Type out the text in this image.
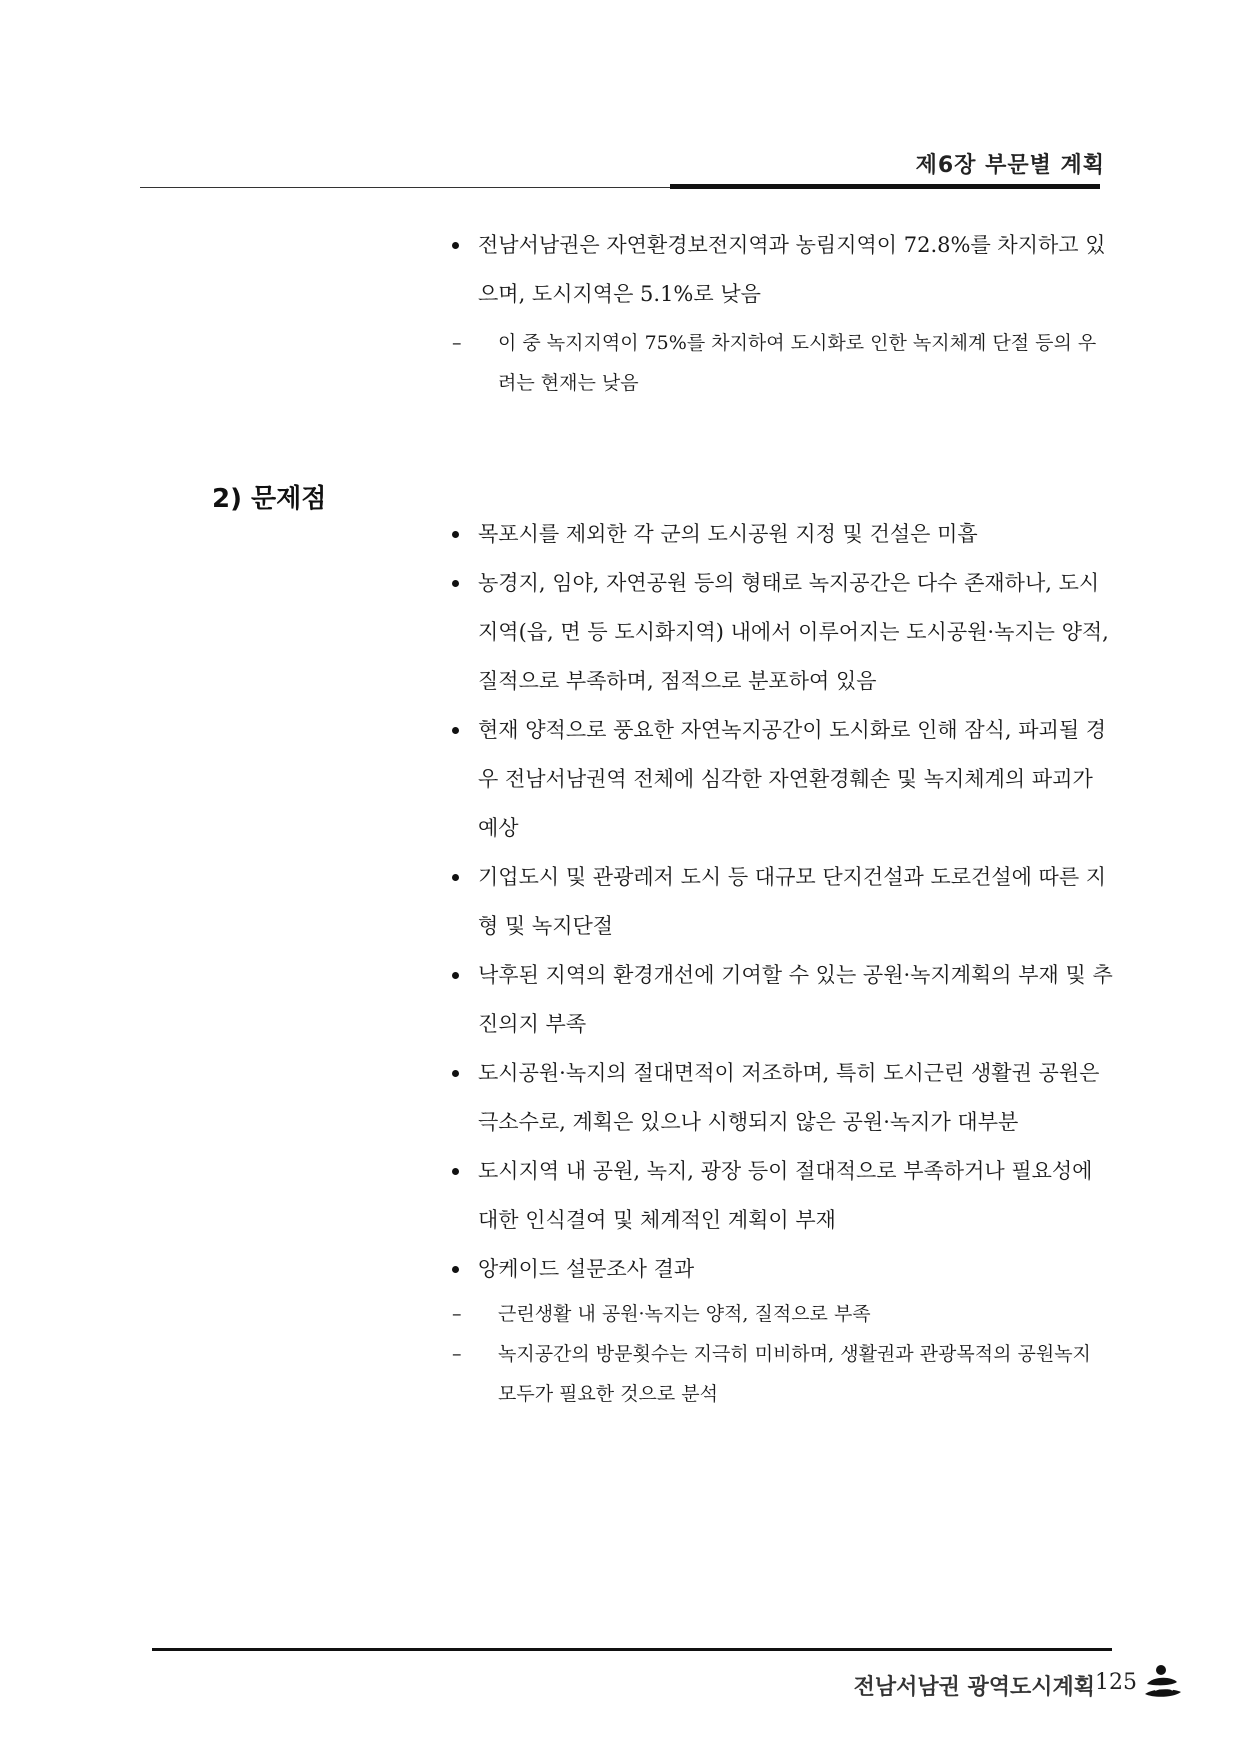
제6장 부문별 계획
전남서남권은 자연환경보전지역과 농림지역이 72.8%를 차지하고 있으며, 도시지역은 5.1%로 낮음
– 이 중 녹지지역이 75%를 차지하여 도시화로 인한 녹지체계 단절 등의 우려는 현재는 낮음
2) 문제점
목포시를 제외한 각 군의 도시공원 지정 및 건설은 미흡
농경지, 임야, 자연공원 등의 형태로 녹지공간은 다수 존재하나, 도시지역(읍, 면 등 도시화지역) 내에서 이루어지는 도시공원·녹지는 양적, 질적으로 부족하며, 점적으로 분포하여 있음
현재 양적으로 풍요한 자연녹지공간이 도시화로 인해 잠식, 파괴될 경우 전남서남권역 전체에 심각한 자연환경훼손 및 녹지체계의 파괴가 예상
기업도시 및 관광레저 도시 등 대규모 단지건설과 도로건설에 따른 지형 및 녹지단절
낙후된 지역의 환경개선에 기여할 수 있는 공원·녹지계획의 부재 및 추진의지 부족
도시공원·녹지의 절대면적이 저조하며, 특히 도시근린 생활권 공원은 극소수로, 계획은 있으나 시행되지 않은 공원·녹지가 대부분
도시지역 내 공원, 녹지, 광장 등이 절대적으로 부족하거나 필요성에 대한 인식결여 및 체계적인 계획이 부재
앙케이드 설문조사 결과
– 근린생활 내 공원·녹지는 양적, 질적으로 부족
– 녹지공간의 방문횟수는 지극히 미비하며, 생활권과 관광목적의 공원녹지 모두가 필요한 것으로 분석
전남서남권 광역도시계획 125
